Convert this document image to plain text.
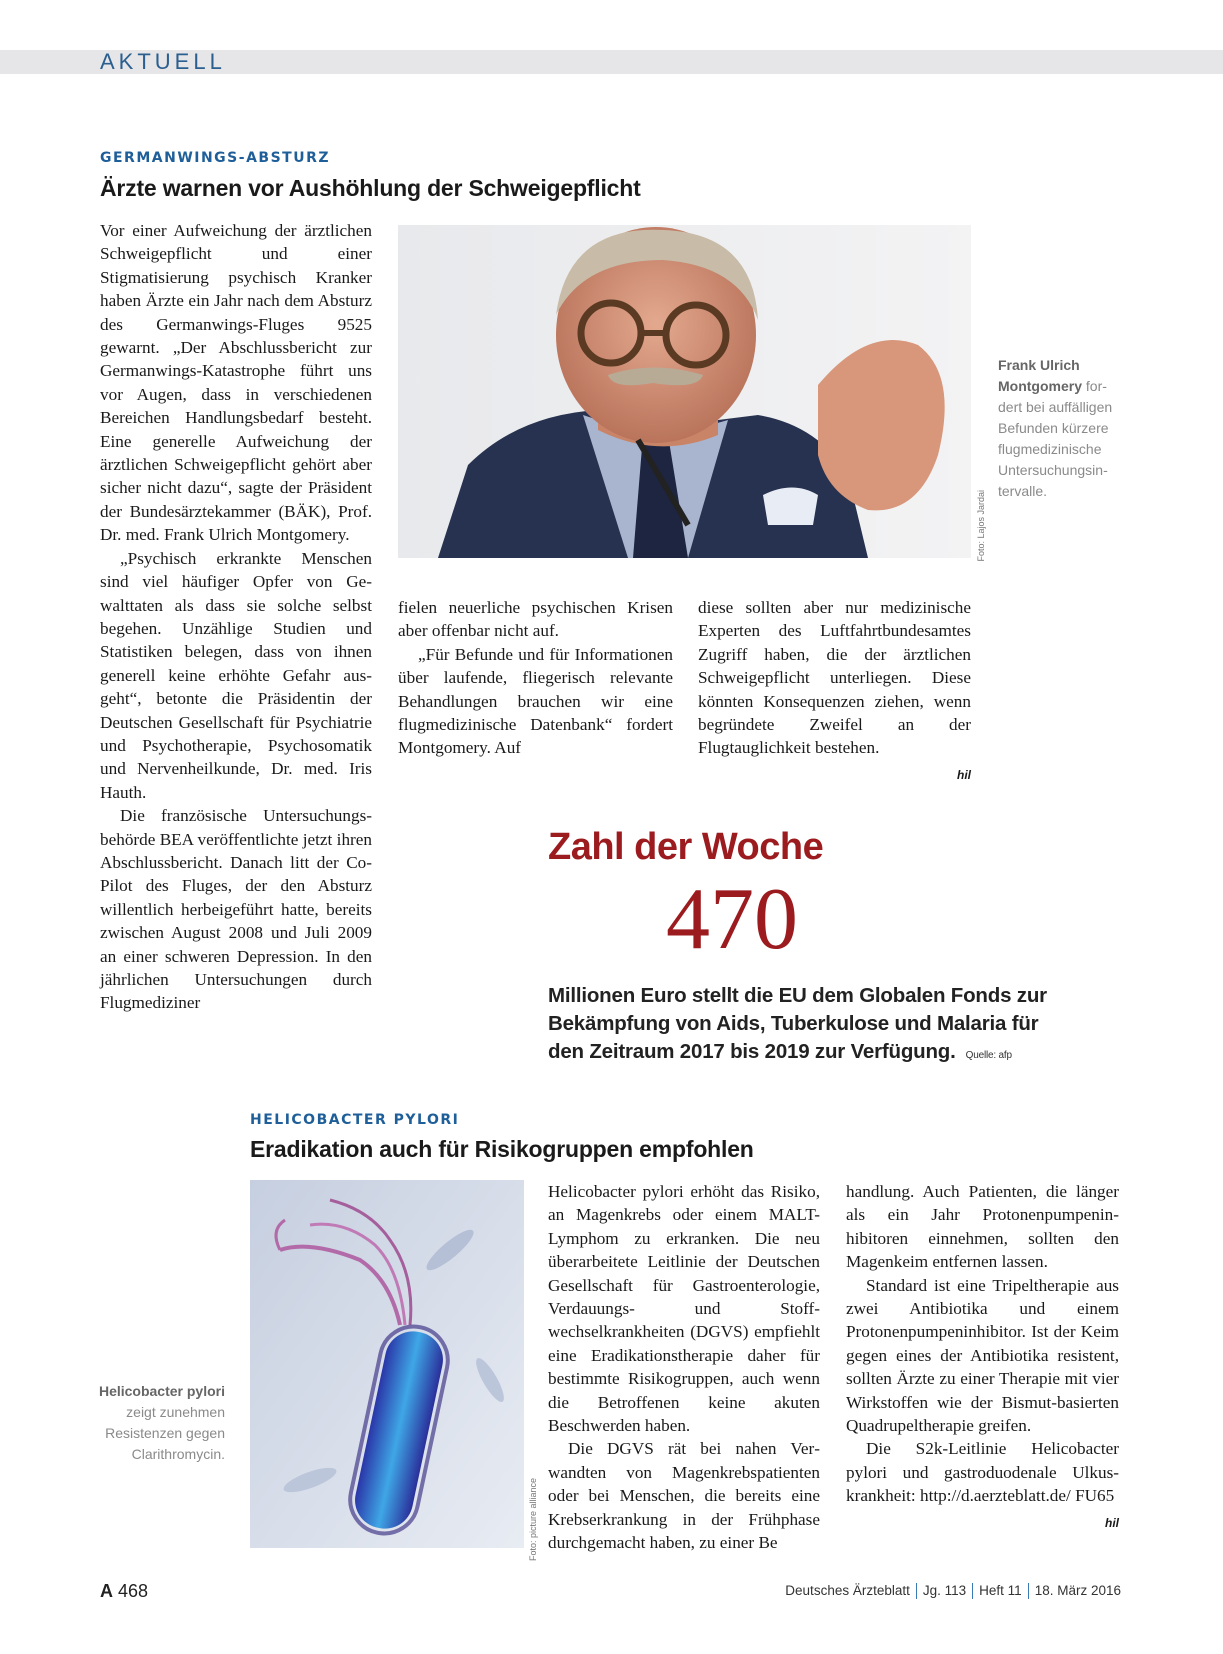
AKTUELL
GERMANWINGS-ABSTURZ
Ärzte warnen vor Aushöhlung der Schweigepflicht

Vor einer Aufweichung der ärztlichen Schweigepflicht und einer Stigmatisierung psychisch Kranker haben Ärzte ein Jahr nach dem Absturz des Germanwings-Fluges 9525 gewarnt. „Der Abschlussbericht zur Germanwings-Katastrophe führt uns vor Augen, dass in verschiedenen Bereichen Handlungsbedarf besteht. Eine generelle Aufweichung der ärztlichen Schweigepflicht gehört aber sicher nicht dazu“, sagte der Präsident der Bundesärztekammer (BÄK), Prof. Dr. med. Frank Ulrich Montgomery.

„Psychisch erkrankte Menschen sind viel häufiger Opfer von Gewalttaten als dass sie solche selbst begehen. Unzählige Studien und Statistiken belegen, dass von ihnen generell keine erhöhte Gefahr ausgeht“, betonte die Präsidentin der Deutschen Gesellschaft für Psychiatrie und Psychotherapie, Psychosomatik und Nervenheilkunde, Dr. med. Iris Hauth.

Die französische Untersuchungsbehörde BEA veröffentlichte jetzt ihren Abschlussbericht. Danach litt der Co-Pilot des Fluges, der den Absturz willentlich herbeigeführt hatte, bereits zwischen August 2008 und Juli 2009 an einer schweren Depression. In den jährlichen Untersuchungen durch Flugmediziner

Foto: Lajos Jardai
Frank Ulrich Montgomery fordert bei auffälligen Befunden kürzere flugmedizinische Untersuchungsintervalle.

fielen neuerliche psychischen Krisen aber offenbar nicht auf.

„Für Befunde und für Informationen über laufende, fliegerisch relevante Behandlungen brauchen wir eine flugmedizinische Datenbank“ fordert Montgomery. Auf

diese sollten aber nur medizinische Experten des Luftfahrtbundesamtes Zugriff haben, die der ärztlichen Schweigepflicht unterliegen. Diese könnten Konsequenzen ziehen, wenn begründete Zweifel an der Flugtauglichkeit bestehen.

hil
Zahl der Woche
470
Millionen Euro stellt die EU dem Globalen Fonds zur Bekämpfung von Aids, Tuberkulose und Malaria für den Zeitraum 2017 bis 2019 zur Verfügung. Quelle: afp
HELICOBACTER PYLORI
Eradikation auch für Risikogruppen empfohlen
Helicobacter pylori zeigt zunehmen Resistenzen gegen Clarithromycin.
Foto: picture alliance

Helicobacter pylori erhöht das Risiko, an Magenkrebs oder einem MALT-Lymphom zu erkranken. Die neu überarbeitete Leitlinie der Deutschen Gesellschaft für Gastroenterologie, Verdauungs- und Stoffwechselkrankheiten (DGVS) empfiehlt eine Eradikationstherapie daher für bestimmte Risikogruppen, auch wenn die Betroffenen keine akuten Beschwerden haben.

Die DGVS rät bei nahen Verwandten von Magenkrebspatienten oder bei Menschen, die bereits eine Krebserkrankung in der Frühphase durchgemacht haben, zu einer Be

handlung. Auch Patienten, die länger als ein Jahr Protonenpumpeninhibitoren einnehmen, sollten den Magenkeim entfernen lassen.

Standard ist eine Tripeltherapie aus zwei Antibiotika und einem Protonenpumpeninhibitor. Ist der Keim gegen eines der Antibiotika resistent, sollten Ärzte zu einer Therapie mit vier Wirkstoffen wie der Bismut-basierten Quadrupeltherapie greifen.

Die S2k-Leitlinie Helicobacter pylori und gastroduodenale Ulkuskrankheit: http://d.aerzteblatt.de/ FU65

hil
A 468	Deutsches Ärzteblatt Jg. 113 Heft 11 18. März 2016
